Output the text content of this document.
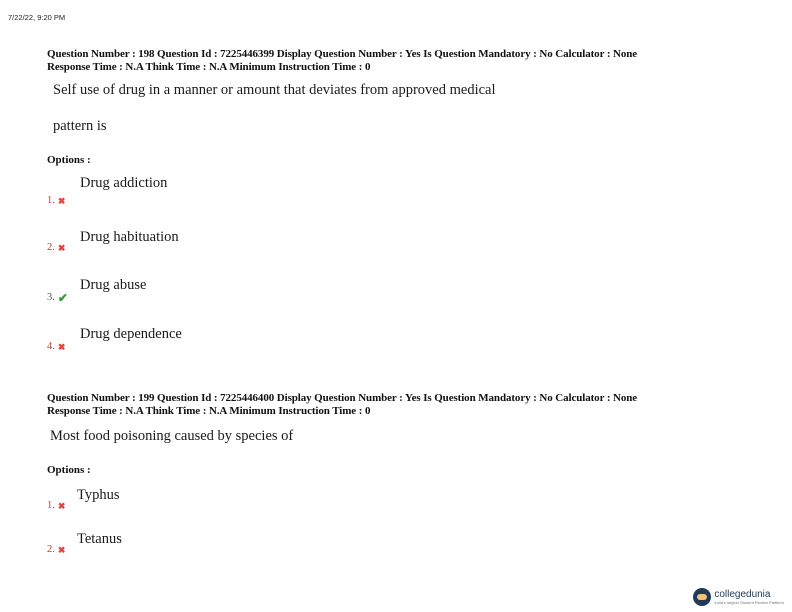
7/22/22, 9:20 PM
Question Number : 198 Question Id : 7225446399 Display Question Number : Yes Is Question Mandatory : No Calculator : None
Response Time : N.A Think Time : N.A Minimum Instruction Time : 0
Self use of drug in a manner or amount that deviates from approved medical
pattern is
Options :
Drug addiction
1. ✖
Drug habituation
2. ✖
Drug abuse
3. ✔
Drug dependence
4. ✖
Question Number : 199 Question Id : 7225446400 Display Question Number : Yes Is Question Mandatory : No Calculator : None
Response Time : N.A Think Time : N.A Minimum Instruction Time : 0
Most food poisoning caused by species of
Options :
Typhus
1. ✖
Tetanus
2. ✖
collegedunia
India's largest Student Review Platform
